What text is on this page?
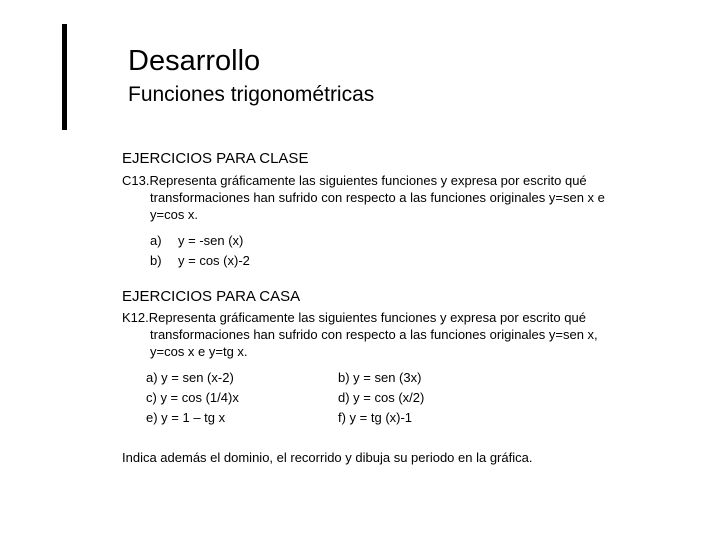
Desarrollo
Funciones trigonométricas
EJERCICIOS PARA CLASE
C13.Representa gráficamente las siguientes funciones y expresa por escrito qué
transformaciones han sufrido con respecto a las funciones originales y=sen x e
y=cos x.
a) y = -sen (x)
b) y = cos (x)-2
EJERCICIOS PARA CASA
K12.Representa gráficamente las siguientes funciones y expresa por escrito qué
transformaciones han sufrido con respecto a las funciones originales y=sen x,
y=cos x e y=tg x.
a) y = sen (x-2)
c) y = cos (1/4)x
e) y = 1 – tg x
b) y = sen (3x)
d) y = cos (x/2)
f) y = tg (x)-1
Indica además el dominio, el recorrido y dibuja su periodo en la gráfica.
